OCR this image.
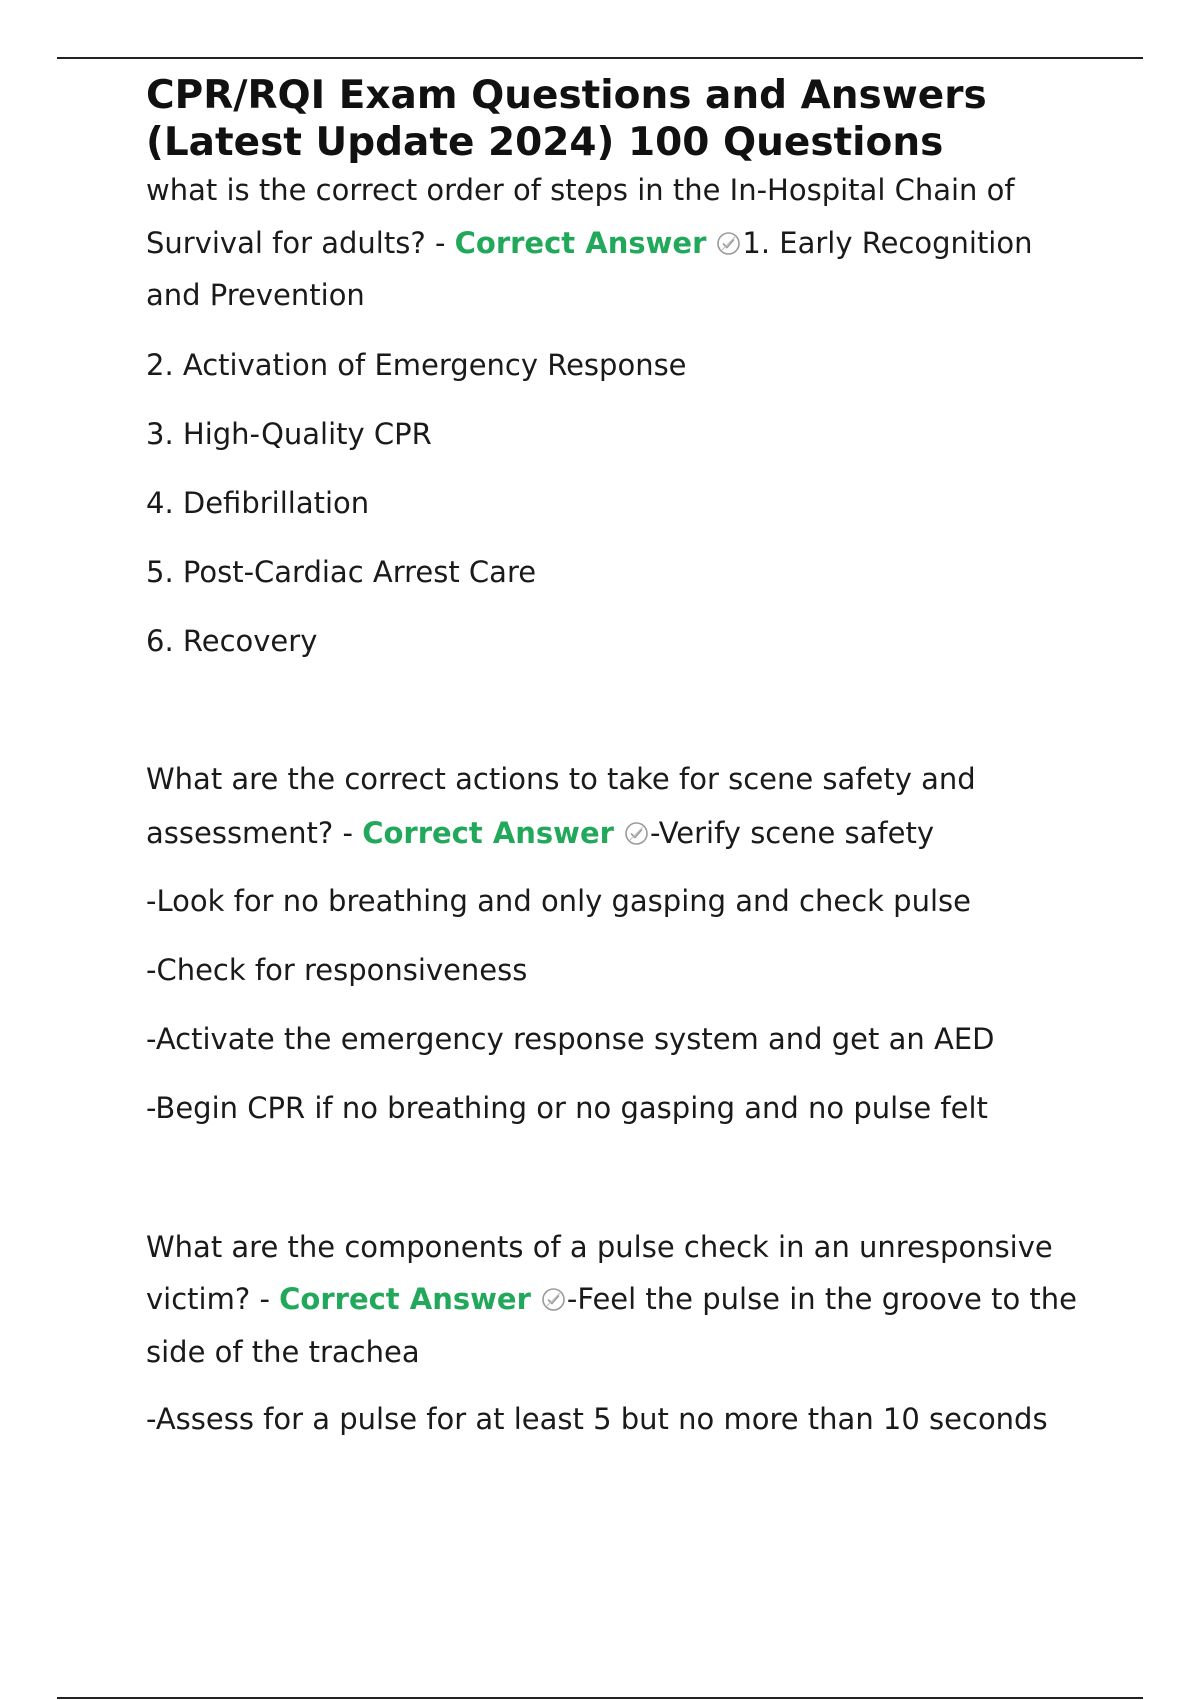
CPR/RQI Exam Questions and Answers (Latest Update 2024) 100 Questions

what is the correct order of steps in the In-Hospital Chain of Survival for adults? - Correct Answer 1. Early Recognition and Prevention

2. Activation of Emergency Response

3. High-Quality CPR

4. Defibrillation

5. Post-Cardiac Arrest Care

6. Recovery

What are the correct actions to take for scene safety and assessment? - Correct Answer -Verify scene safety

-Look for no breathing and only gasping and check pulse

-Check for responsiveness

-Activate the emergency response system and get an AED

-Begin CPR if no breathing or no gasping and no pulse felt

What are the components of a pulse check in an unresponsive victim? - Correct Answer -Feel the pulse in the groove to the side of the trachea

-Assess for a pulse for at least 5 but no more than 10 seconds
